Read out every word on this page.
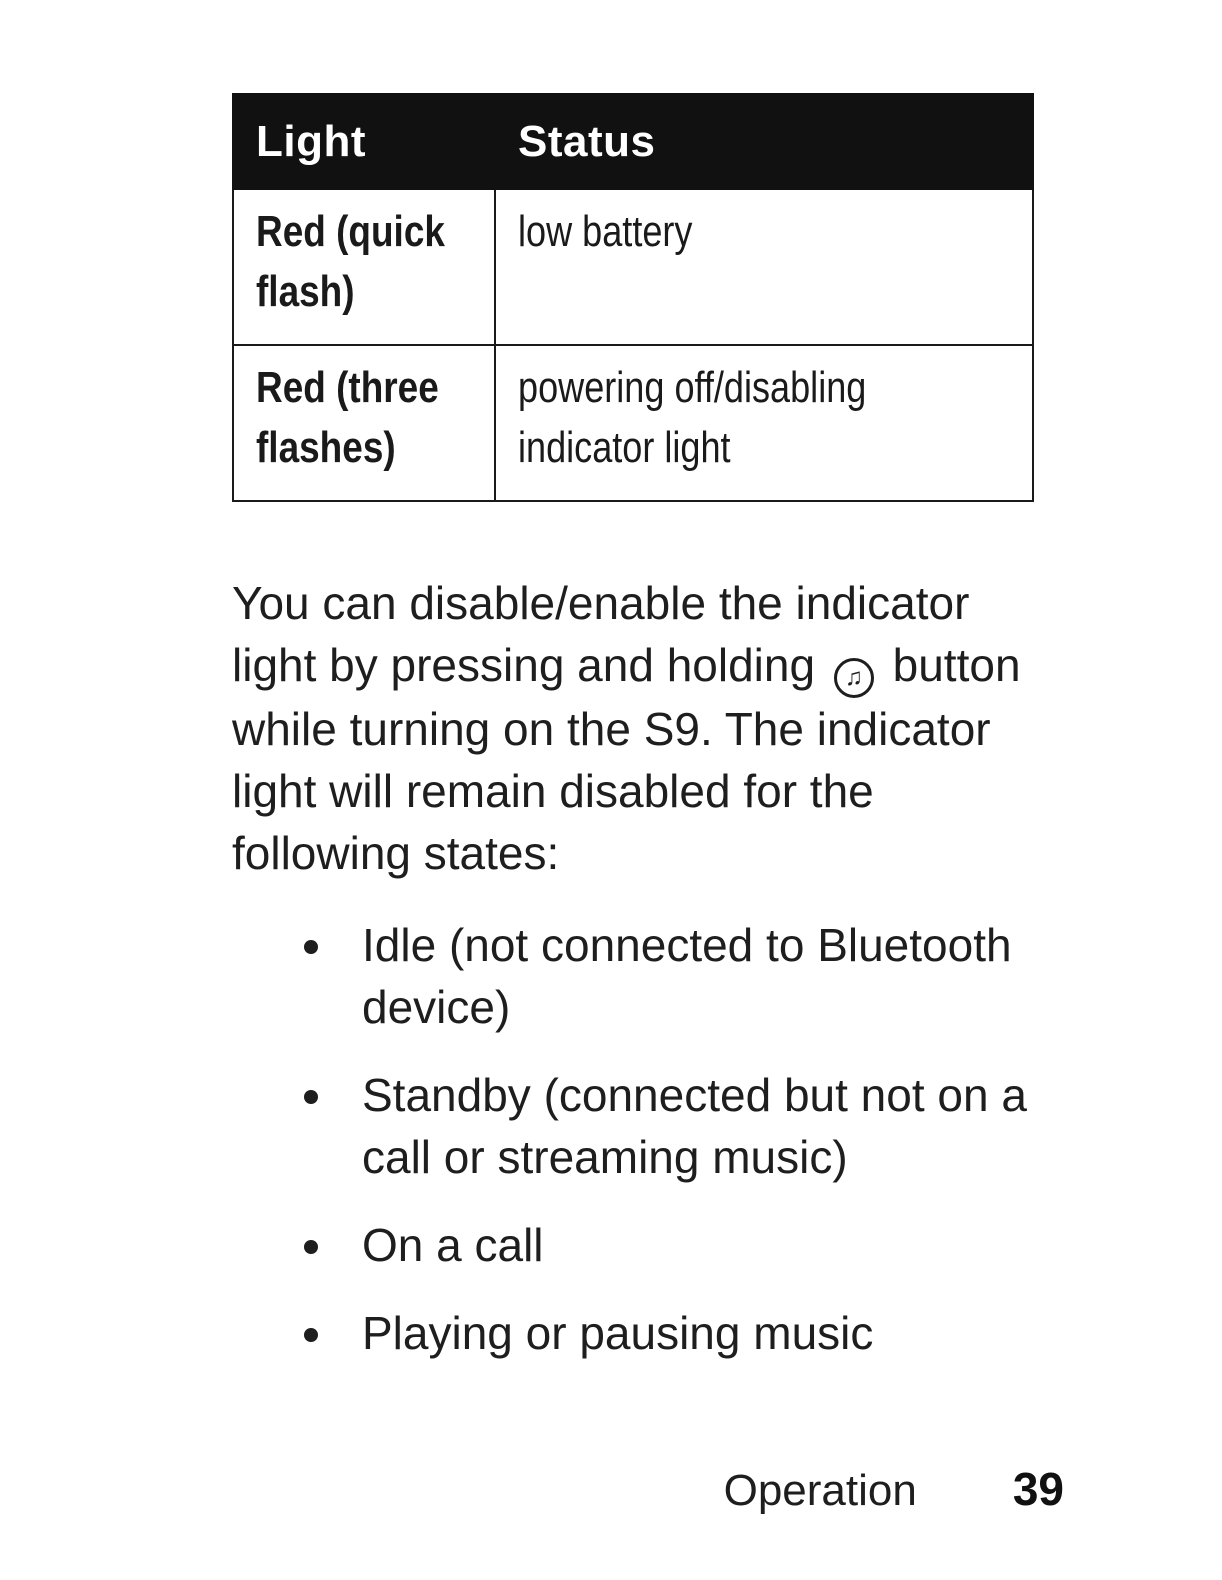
Light	Status
Red (quick
flash)	low battery
Red (three
flashes)	powering off/disabling
indicator light

You can disable/enable the indicator light by pressing and holding ♫ button while turning on the S9. The indicator light will remain disabled for the following states:

Idle (not connected to Bluetooth device)
Standby (connected but not on a call or streaming music)
On a call
Playing or pausing music
Operation 39
